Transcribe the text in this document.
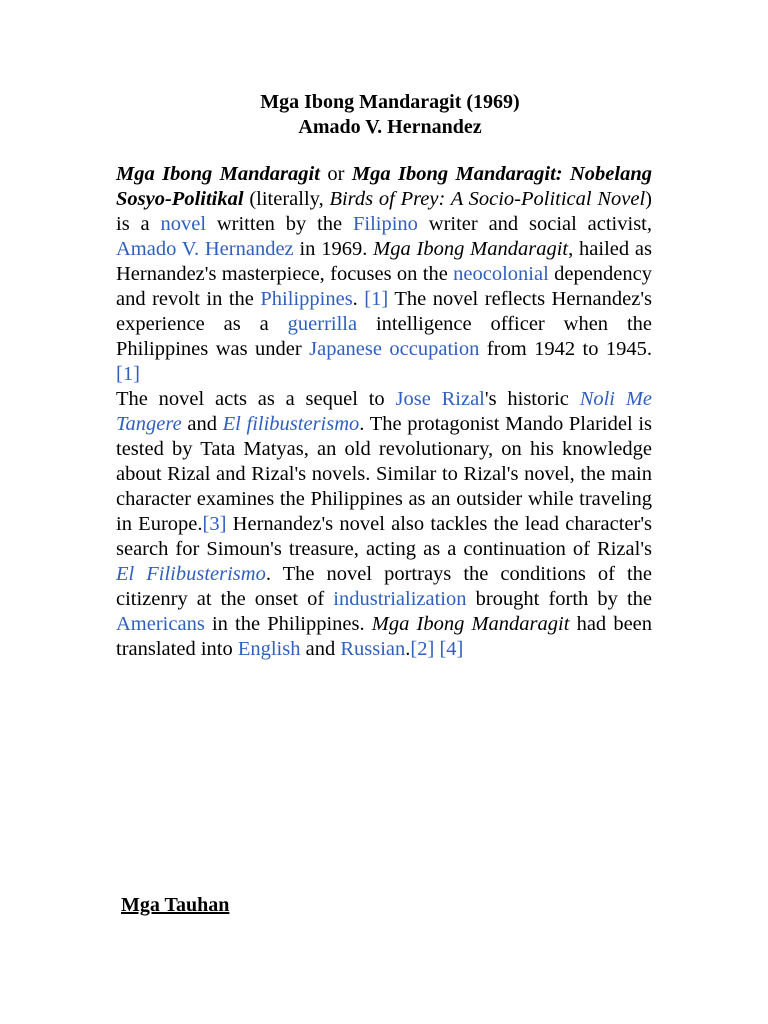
Mga Ibong Mandaragit (1969)
Amado V. Hernandez

Mga Ibong Mandaragit or Mga Ibong Mandaragit: Nobelang Sosyo-Politikal (literally, Birds of Prey: A Socio-Political Novel) is a novel written by the Filipino writer and social activist, Amado V. Hernandez in 1969. Mga Ibong Mandaragit, hailed as Hernandez's masterpiece, focuses on the neocolonial dependency and revolt in the Philippines. [1] The novel reflects Hernandez's experience as a guerrilla intelligence officer when the Philippines was under Japanese occupation from 1942 to 1945.[1]

The novel acts as a sequel to Jose Rizal's historic Noli Me Tangere and El filibusterismo. The protagonist Mando Plaridel is tested by Tata Matyas, an old revolutionary, on his knowledge about Rizal and Rizal's novels. Similar to Rizal's novel, the main character examines the Philippines as an outsider while traveling in Europe.[3] Hernandez's novel also tackles the lead character's search for Simoun's treasure, acting as a continuation of Rizal's El Filibusterismo. The novel portrays the conditions of the citizenry at the onset of industrialization brought forth by the Americans in the Philippines. Mga Ibong Mandaragit had been translated into English and Russian.[2] [4]

Mga Tauhan
